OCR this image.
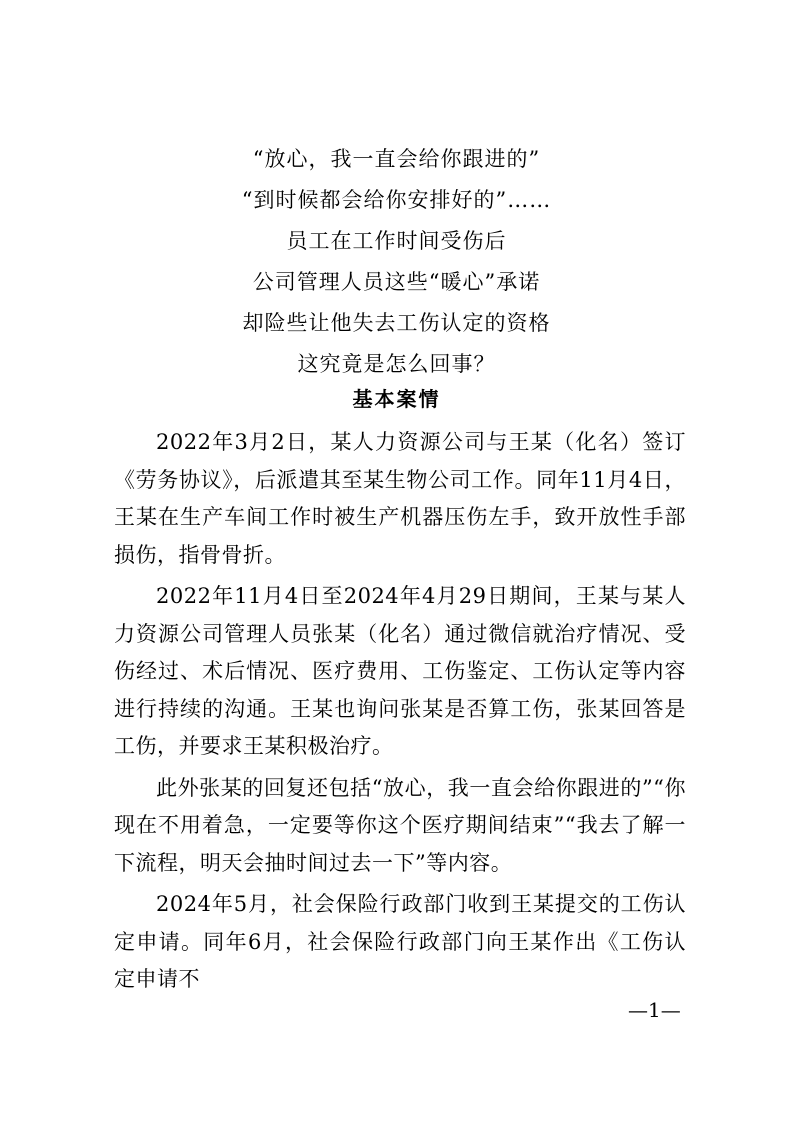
“放心，我一直会给你跟进的”
“到时候都会给你安排好的”……
员工在工作时间受伤后
公司管理人员这些“暖心”承诺
却险些让他失去工伤认定的资格
这究竟是怎么回事？
基本案情

2022年3月2日，某人力资源公司与王某（化名）签订《劳务协议》，后派遣其至某生物公司工作。同年11月4日，王某在生产车间工作时被生产机器压伤左手，致开放性手部损伤，指骨骨折。

2022年11月4日至2024年4月29日期间，王某与某人力资源公司管理人员张某（化名）通过微信就治疗情况、受伤经过、术后情况、医疗费用、工伤鉴定、工伤认定等内容进行持续的沟通。王某也询问张某是否算工伤，张某回答是工伤，并要求王某积极治疗。

此外张某的回复还包括“放心，我一直会给你跟进的”“你现在不用着急，一定要等你这个医疗期间结束”“我去了解一下流程，明天会抽时间过去一下”等内容。

2024年5月，社会保险行政部门收到王某提交的工伤认定申请。同年6月，社会保险行政部门向王某作出《工伤认定申请不

—1—
